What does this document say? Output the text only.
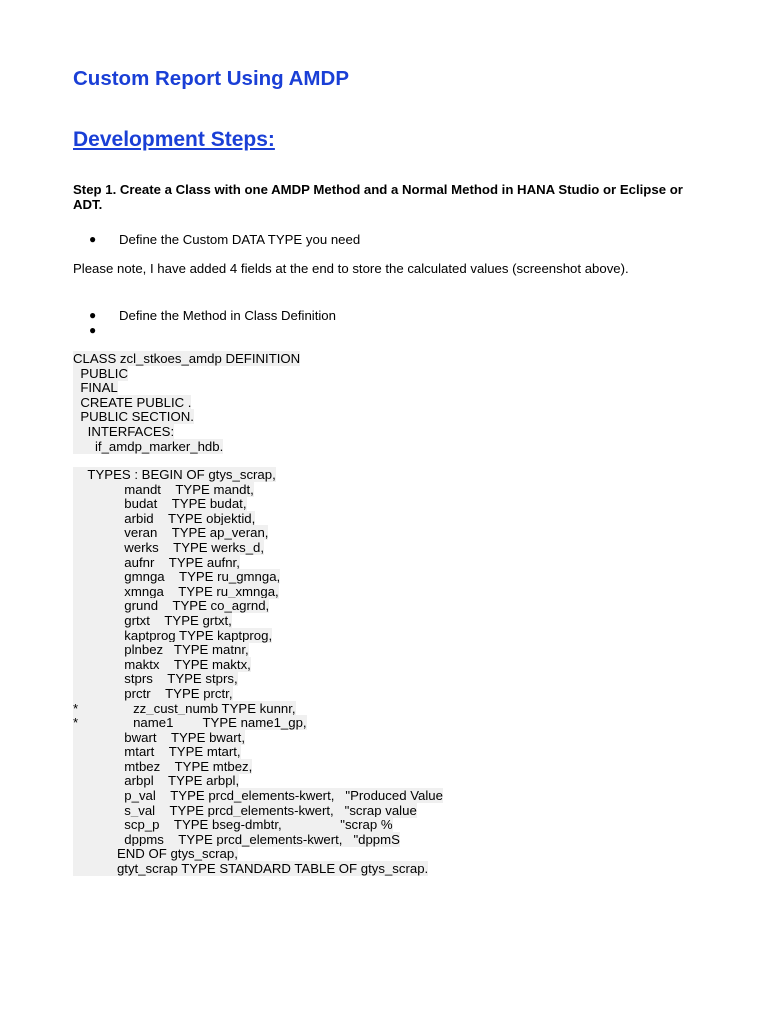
Custom Report Using AMDP
Development Steps:

Step 1. Create a Class with one AMDP Method and a Normal Method in HANA Studio or Eclipse or ADT.

● Define the Custom DATA TYPE you need

Please note, I have added 4 fields at the end to store the calculated values (screenshot above).

● Define the Method in Class Definition
●
CLASS zcl_stkoes_amdp DEFINITION
PUBLIC
FINAL
CREATE PUBLIC .
PUBLIC SECTION.
INTERFACES:
if_amdp_marker_hdb.
TYPES : BEGIN OF gtys_scrap,
mandt    TYPE mandt,
budat    TYPE budat,
arbid    TYPE objektid,
veran    TYPE ap_veran,
werks    TYPE werks_d,
aufnr    TYPE aufnr,
gmnga    TYPE ru_gmnga,
xmnga    TYPE ru_xmnga,
grund    TYPE co_agrnd,
grtxt    TYPE grtxt,
kaptprog TYPE kaptprog,
plnbez   TYPE matnr,
maktx    TYPE maktx,
stprs    TYPE stprs,
prctr    TYPE prctr,
*               zz_cust_numb TYPE kunnr,
*               name1        TYPE name1_gp,
bwart    TYPE bwart,
mtart    TYPE mtart,
mtbez    TYPE mtbez,
arbpl    TYPE arbpl,
p_val    TYPE prcd_elements-kwert,   "Produced Value
s_val    TYPE prcd_elements-kwert,   "scrap value
scp_p    TYPE bseg-dmbtr,                "scrap %
dppms    TYPE prcd_elements-kwert,   "dppmS
END OF gtys_scrap,
gtyt_scrap TYPE STANDARD TABLE OF gtys_scrap.
